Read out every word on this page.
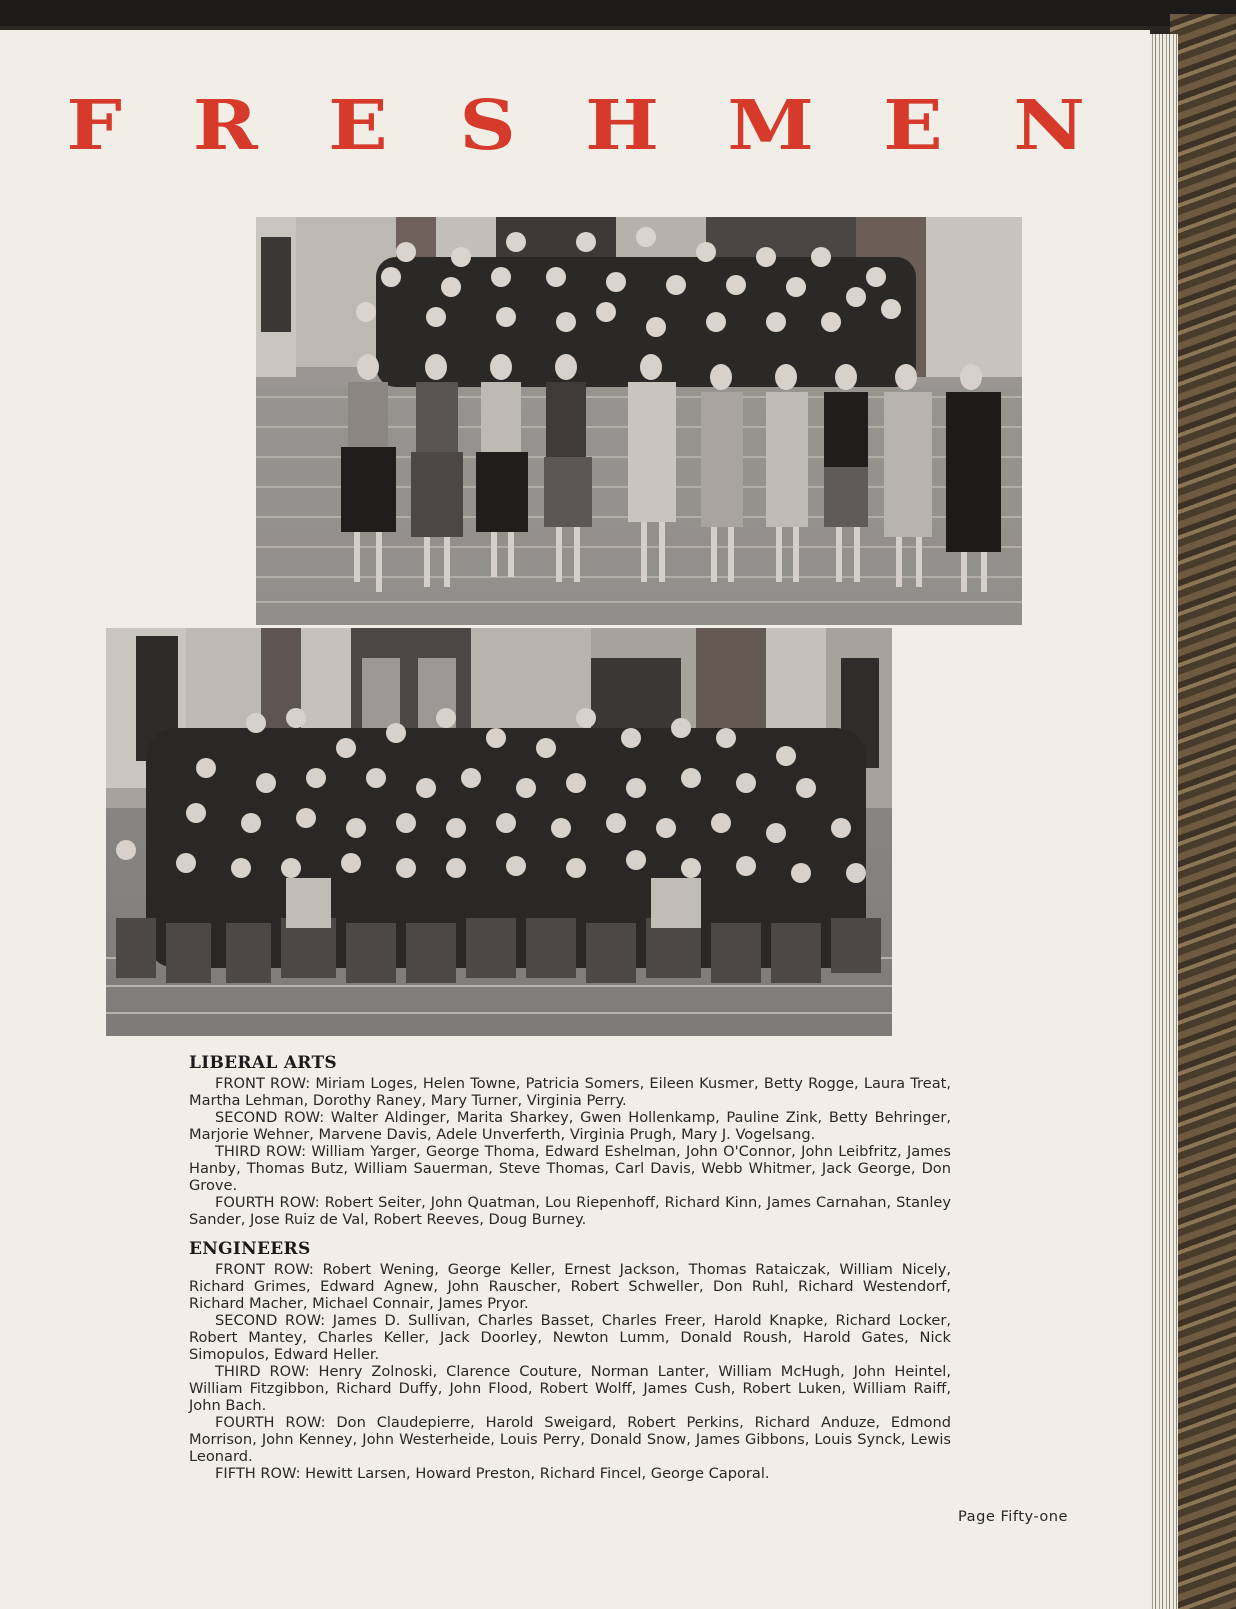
F R E S H M E N
LIBERAL ARTS

FRONT ROW: Miriam Loges, Helen Towne, Patricia Somers, Eileen Kusmer, Betty Rogge, Laura Treat, Martha Lehman, Dorothy Raney, Mary Turner, Virginia Perry.

SECOND ROW: Walter Aldinger, Marita Sharkey, Gwen Hollenkamp, Pauline Zink, Betty Behringer, Marjorie Wehner, Marvene Davis, Adele Unverferth, Virginia Prugh, Mary J. Vogelsang.

THIRD ROW: William Yarger, George Thoma, Edward Eshelman, John O'Connor, John Leibfritz, James Hanby, Thomas Butz, William Sauerman, Steve Thomas, Carl Davis, Webb Whitmer, Jack George, Don Grove.

FOURTH ROW: Robert Seiter, John Quatman, Lou Riepenhoff, Richard Kinn, James Carnahan, Stanley Sander, Jose Ruiz de Val, Robert Reeves, Doug Burney.

ENGINEERS

FRONT ROW: Robert Wening, George Keller, Ernest Jackson, Thomas Rataiczak, William Nicely, Richard Grimes, Edward Agnew, John Rauscher, Robert Schweller, Don Ruhl, Richard Westendorf, Richard Macher, Michael Connair, James Pryor.

SECOND ROW: James D. Sullivan, Charles Basset, Charles Freer, Harold Knapke, Richard Locker, Robert Mantey, Charles Keller, Jack Doorley, Newton Lumm, Donald Roush, Harold Gates, Nick Simopulos, Edward Heller.

THIRD ROW: Henry Zolnoski, Clarence Couture, Norman Lanter, William McHugh, John Heintel, William Fitzgibbon, Richard Duffy, John Flood, Robert Wolff, James Cush, Robert Luken, William Raiff, John Bach.

FOURTH ROW: Don Claudepierre, Harold Sweigard, Robert Perkins, Richard Anduze, Edmond Morrison, John Kenney, John Westerheide, Louis Perry, Donald Snow, James Gibbons, Louis Synck, Lewis Leonard.

FIFTH ROW: Hewitt Larsen, Howard Preston, Richard Fincel, George Caporal.

Page Fifty-one
